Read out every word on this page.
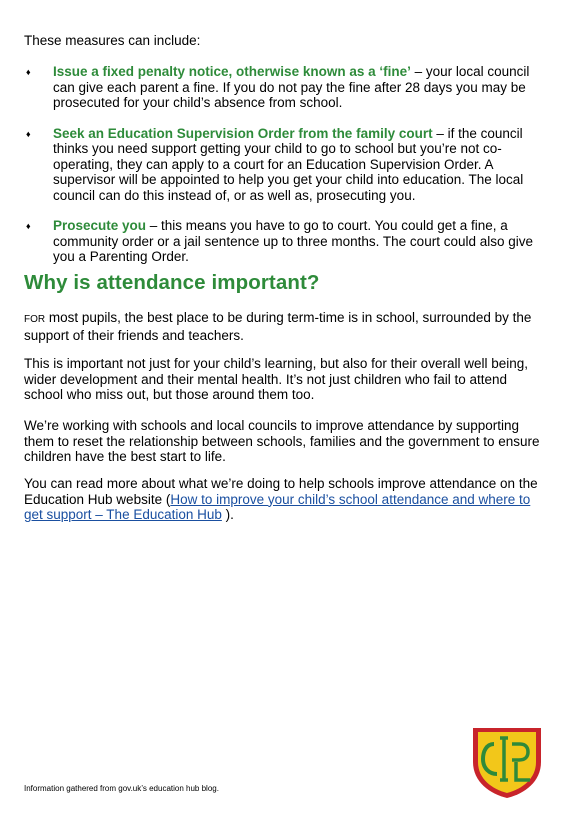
These measures can include:
♦ Issue a fixed penalty notice, otherwise known as a ‘fine’ – your local council can give each parent a fine. If you do not pay the fine after 28 days you may be prosecuted for your child’s absence from school.
♦ Seek an Education Supervision Order from the family court – if the council thinks you need support getting your child to go to school but you’re not co-operating, they can apply to a court for an Education Supervision Order. A supervisor will be appointed to help you get your child into education. The local council can do this instead of, or as well as, prosecuting you.
♦ Prosecute you – this means you have to go to court. You could get a fine, a community order or a jail sentence up to three months. The court could also give you a Parenting Order.
Why is attendance important?

FOR most pupils, the best place to be during term-time is in school, surrounded by the support of their friends and teachers.

This is important not just for your child’s learning, but also for their overall well being, wider development and their mental health. It’s not just children who fail to attend school who miss out, but those around them too.

We’re working with schools and local councils to improve attendance by supporting them to reset the relationship between schools, families and the government to ensure children have the best start to life.

You can read more about what we’re doing to help schools improve attendance on the Education Hub website (How to improve your child’s school attendance and where to get support – The Education Hub ).

Information gathered from gov.uk’s education hub blog.
